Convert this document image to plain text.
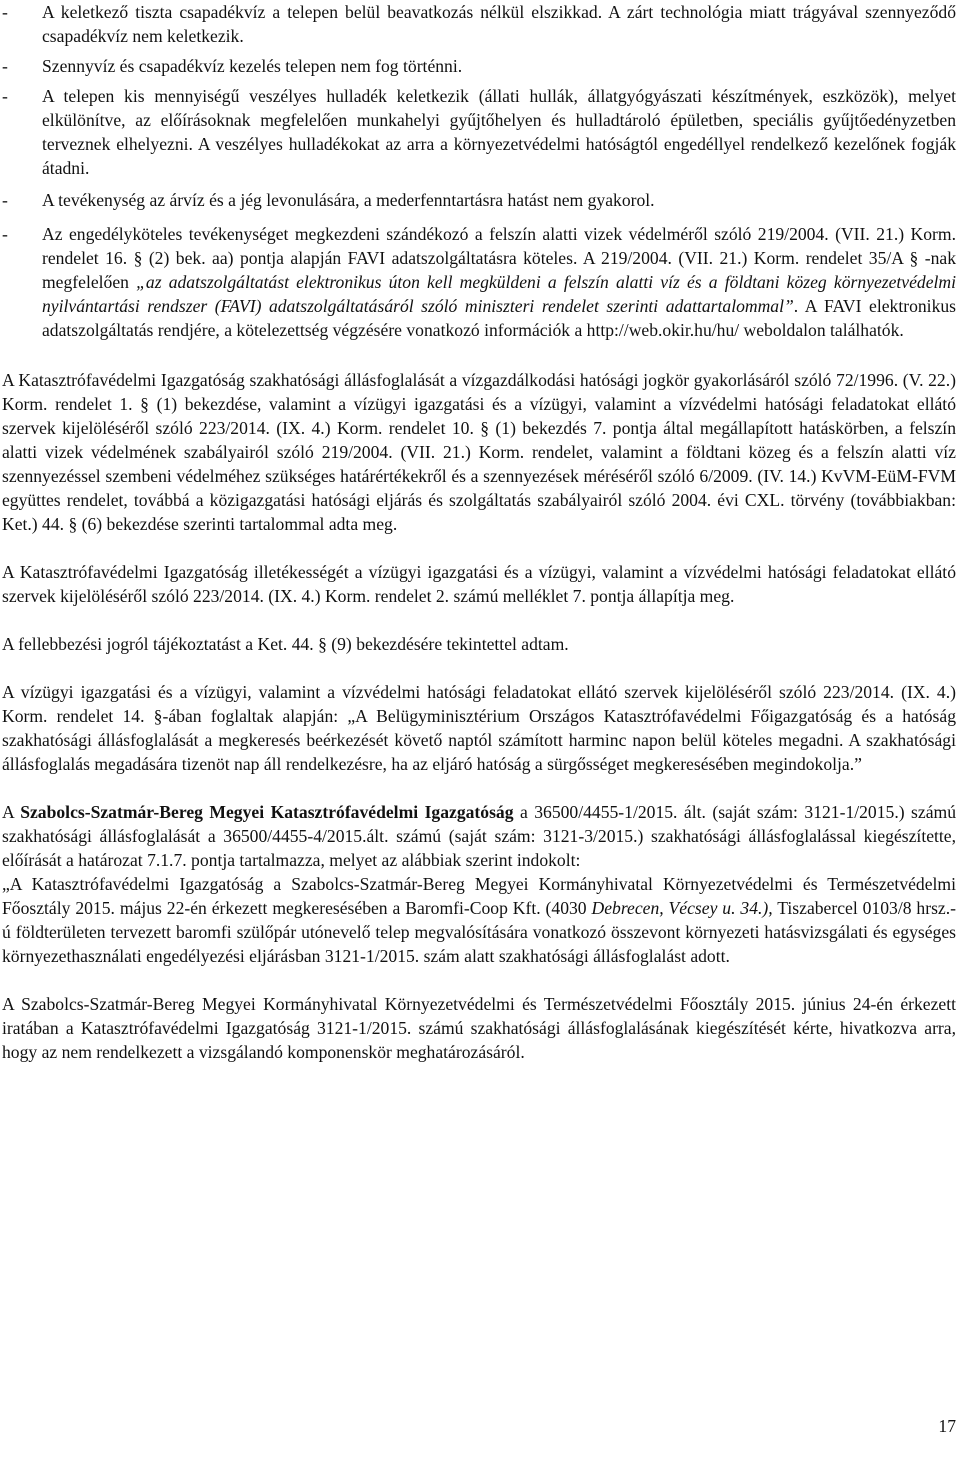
- A keletkező tiszta csapadékvíz a telepen belül beavatkozás nélkül elszikkad. A zárt technológia miatt trágyával szennyeződő csapadékvíz nem keletkezik.
- Szennyvíz és csapadékvíz kezelés telepen nem fog történni.
- A telepen kis mennyiségű veszélyes hulladék keletkezik (állati hullák, állatgyógyászati készítmények, eszközök), melyet elkülönítve, az előírásoknak megfelelően munkahelyi gyűjtőhelyen és hulladtároló épületben, speciális gyűjtőedényzetben terveznek elhelyezni. A veszélyes hulladékokat az arra a környezetvédelmi hatóságtól engedéllyel rendelkező kezelőnek fogják átadni.
- A tevékenység az árvíz és a jég levonulására, a mederfenntartásra hatást nem gyakorol.
- Az engedélyköteles tevékenységet megkezdeni szándékozó a felszín alatti vizek védelméről szóló 219/2004. (VII. 21.) Korm. rendelet 16. § (2) bek. aa) pontja alapján FAVI adatszolgáltatásra köteles. A 219/2004. (VII. 21.) Korm. rendelet 35/A § -nak megfelelően „az adatszolgáltatást elektronikus úton kell megküldeni a felszín alatti víz és a földtani közeg környezetvédelmi nyilvántartási rendszer (FAVI) adatszolgáltatásáról szóló miniszteri rendelet szerinti adattartalommal”. A FAVI elektronikus adatszolgáltatás rendjére, a kötelezettség végzésére vonatkozó információk a http://web.okir.hu/hu/ weboldalon találhatók.

A Katasztrófavédelmi Igazgatóság szakhatósági állásfoglalását a vízgazdálkodási hatósági jogkör gyakorlásáról szóló 72/1996. (V. 22.) Korm. rendelet 1. § (1) bekezdése, valamint a vízügyi igazgatási és a vízügyi, valamint a vízvédelmi hatósági feladatokat ellátó szervek kijelöléséről szóló 223/2014. (IX. 4.) Korm. rendelet 10. § (1) bekezdés 7. pontja által megállapított hatáskörben, a felszín alatti vizek védelmének szabályairól szóló 219/2004. (VII. 21.) Korm. rendelet, valamint a földtani közeg és a felszín alatti víz szennyezéssel szembeni védelméhez szükséges határértékekről és a szennyezések méréséről szóló 6/2009. (IV. 14.) KvVM-EüM-FVM együttes rendelet, továbbá a közigazgatási hatósági eljárás és szolgáltatás szabályairól szóló 2004. évi CXL. törvény (továbbiakban: Ket.) 44. § (6) bekezdése szerinti tartalommal adta meg.

A Katasztrófavédelmi Igazgatóság illetékességét a vízügyi igazgatási és a vízügyi, valamint a vízvédelmi hatósági feladatokat ellátó szervek kijelöléséről szóló 223/2014. (IX. 4.) Korm. rendelet 2. számú melléklet 7. pontja állapítja meg.

A fellebbezési jogról tájékoztatást a Ket. 44. § (9) bekezdésére tekintettel adtam.

A vízügyi igazgatási és a vízügyi, valamint a vízvédelmi hatósági feladatokat ellátó szervek kijelöléséről szóló 223/2014. (IX. 4.) Korm. rendelet 14. §-ában foglaltak alapján: „A Belügyminisztérium Országos Katasztrófavédelmi Főigazgatóság és a hatóság szakhatósági állásfoglalását a megkeresés beérkezését követő naptól számított harminc napon belül köteles megadni. A szakhatósági állásfoglalás megadására tizenöt nap áll rendelkezésre, ha az eljáró hatóság a sürgősséget megkeresésében megindokolja.”

A Szabolcs-Szatmár-Bereg Megyei Katasztrófavédelmi Igazgatóság a 36500/4455-1/2015. ált. (saját szám: 3121-1/2015.) számú szakhatósági állásfoglalását a 36500/4455-4/2015.ált. számú (saját szám: 3121-3/2015.) szakhatósági állásfoglalással kiegészítette, előírását a határozat 7.1.7. pontja tartalmazza, melyet az alábbiak szerint indokolt:

„A Katasztrófavédelmi Igazgatóság a Szabolcs-Szatmár-Bereg Megyei Kormányhivatal Környezetvédelmi és Természetvédelmi Főosztály 2015. május 22-én érkezett megkeresésében a Baromfi-Coop Kft. (4030 Debrecen, Vécsey u. 34.), Tiszabercel 0103/8 hrsz.-ú földterületen tervezett baromfi szülőpár utónevelő telep megvalósítására vonatkozó összevont környezeti hatásvizsgálati és egységes környezethasználati engedélyezési eljárásban 3121-1/2015. szám alatt szakhatósági állásfoglalást adott.

A Szabolcs-Szatmár-Bereg Megyei Kormányhivatal Környezetvédelmi és Természetvédelmi Főosztály 2015. június 24-én érkezett iratában a Katasztrófavédelmi Igazgatóság 3121-1/2015. számú szakhatósági állásfoglalásának kiegészítését kérte, hivatkozva arra, hogy az nem rendelkezett a vizsgálandó komponenskör meghatározásáról.

17
